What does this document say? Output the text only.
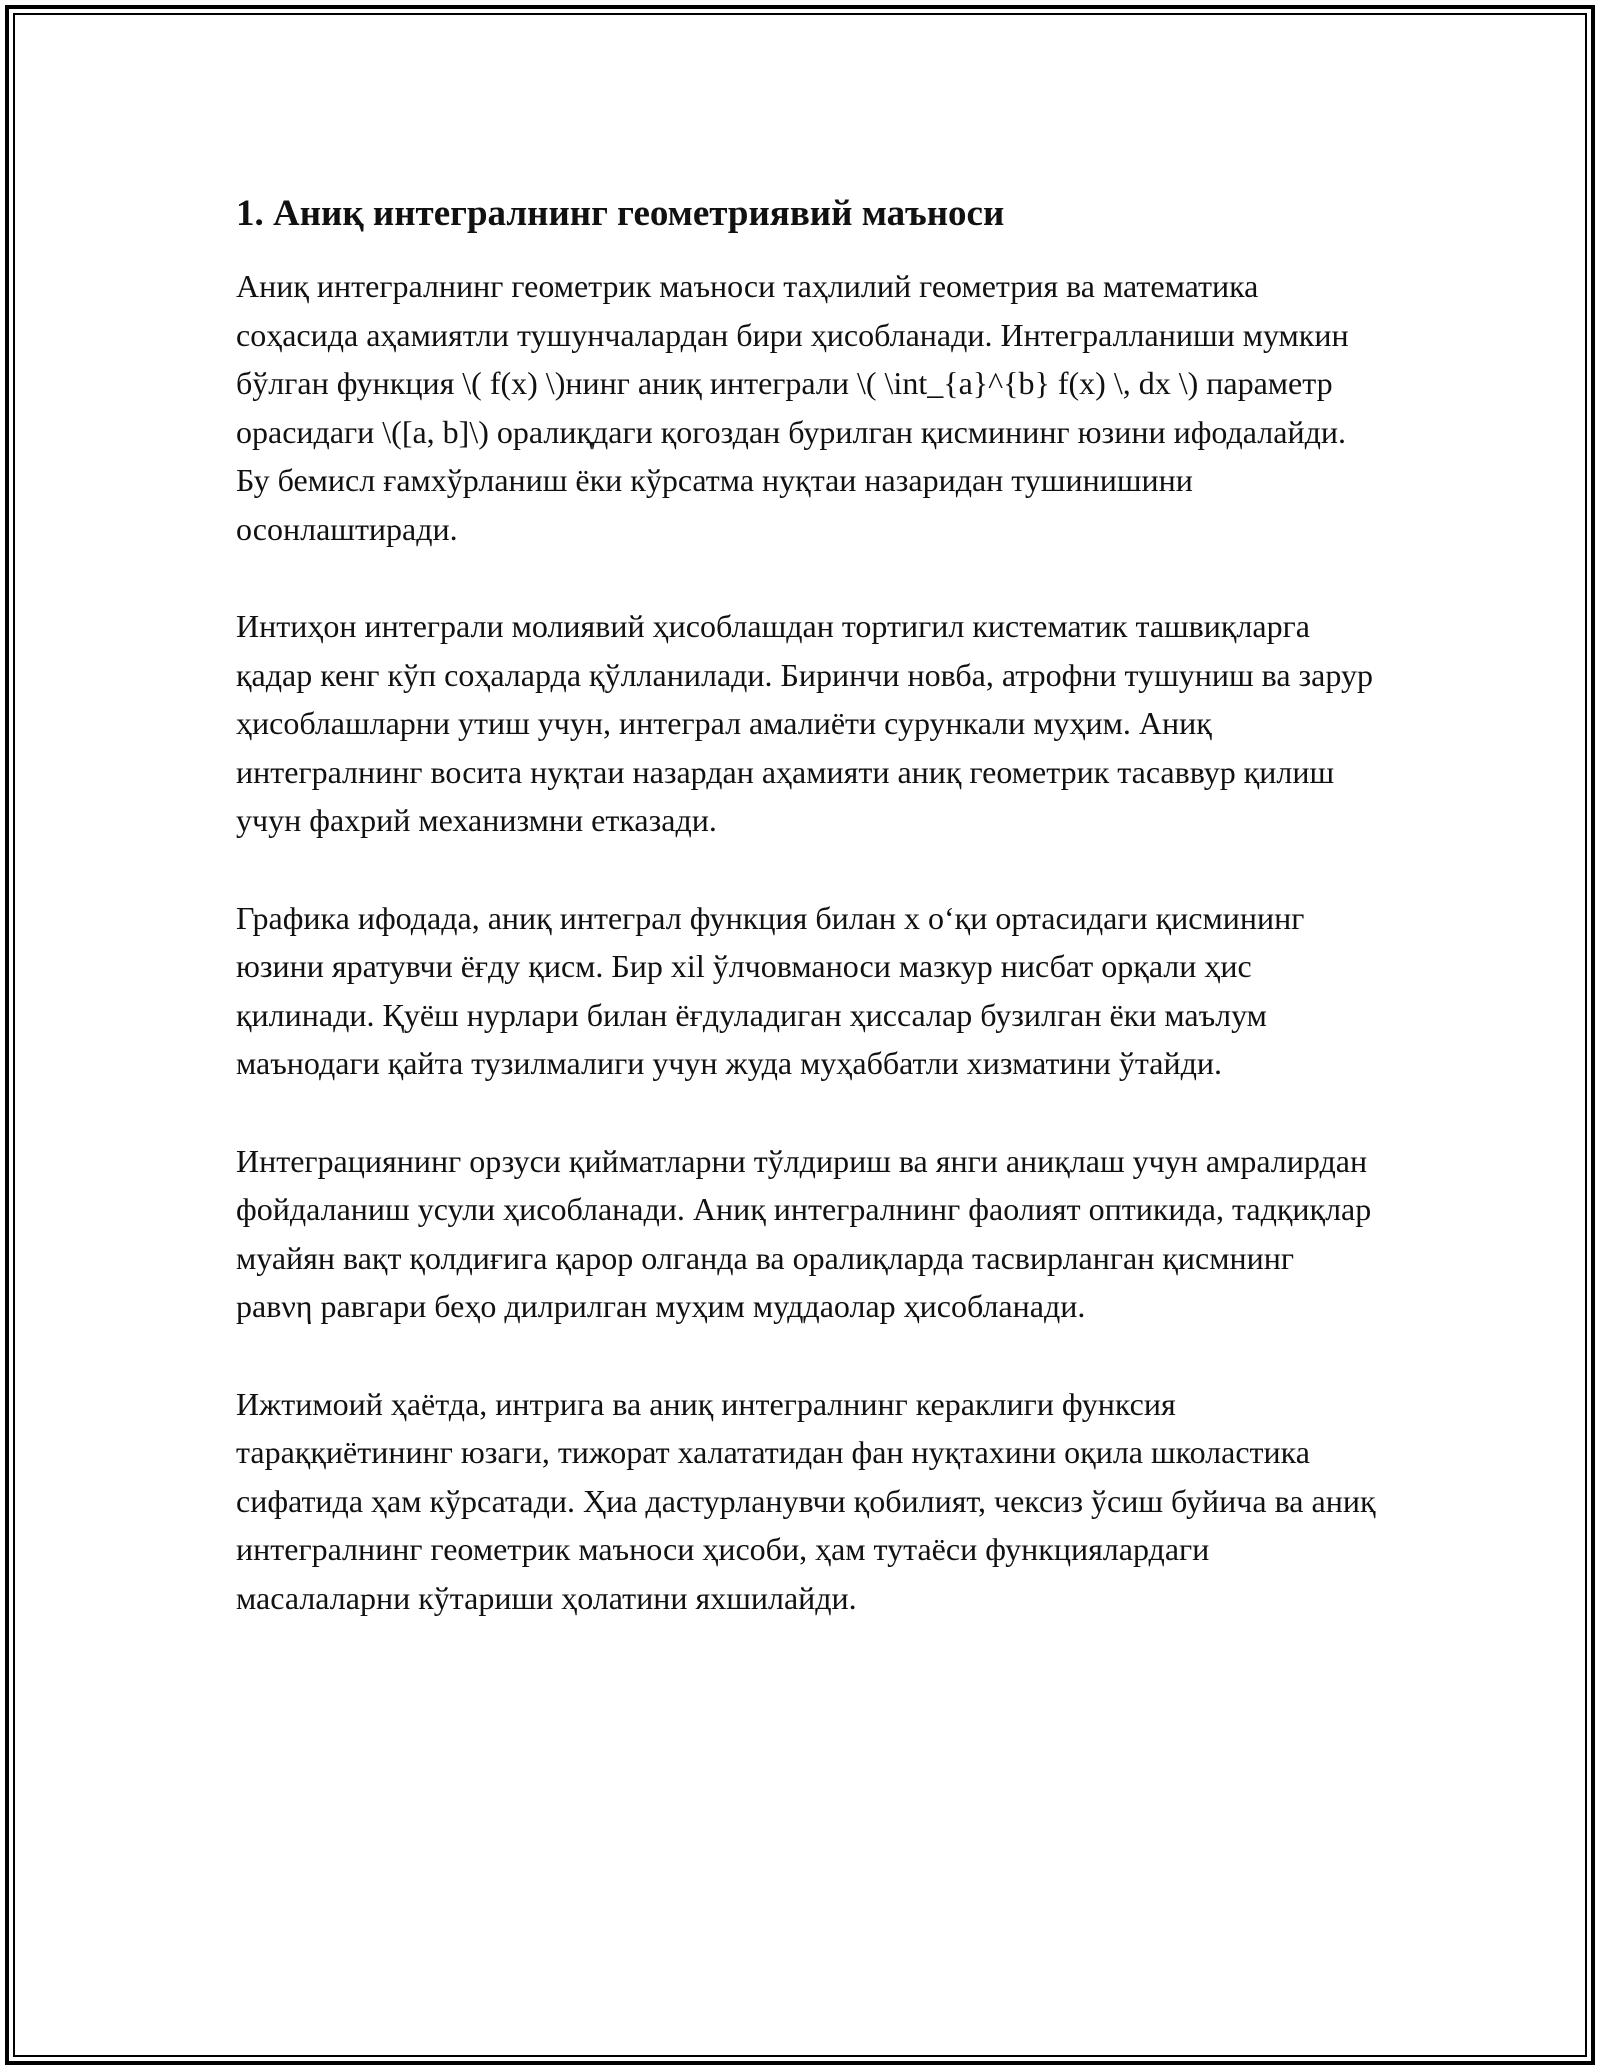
1. Аниқ интегралнинг геометриявий маъноси

Аниқ интегралнинг геометрик маъноси таҳлилий геометрия ва математика соҳасида аҳамиятли тушунчалардан бири ҳисобланади. Интегралланиши мумкин бўлган функция \( f(x) \)нинг аниқ интеграли \( \int_{a}^{b} f(x) \, dx \) параметр орасидаги \([a, b]\) оралиқдаги қогоздан бурилган қисмининг юзини ифодалайди. Бу бемисл ғамхўрланиш ёки кўрсатма нуқтаи назаридан тушинишини осонлаштиради.

Интиҳон интеграли молиявий ҳисоблашдан тортигил кистематик ташвиқларга қадар кенг кўп соҳаларда қўлланилади. Биринчи новба, атрофни тушуниш ва зарур ҳисоблашларни утиш учун, интеграл амалиёти сурункали муҳим. Аниқ интегралнинг восита нуқтаи назардан аҳамияти аниқ геометрик тасаввур қилиш учун фахрий механизмни етказади.

Графика ифодада, аниқ интеграл функция билан x о‘қи ортасидаги қисмининг юзини яратувчи ёғду қисм. Бир xil ўлчовманоси мазкур нисбат орқали ҳис қилинади. Қуёш нурлари билан ёғдуладиган ҳиссалар бузилган ёки маълум маънодаги қайта тузилмалиги учун жуда муҳаббатли хизматини ўтайди.

Интеграциянинг орзуси қийматларни тўлдириш ва янги аниқлаш учун амралирдан фойдаланиш усули ҳисобланади. Аниқ интегралнинг фаолият оптикида, тадқиқлар муайян вақт қолдиғига қарор олганда ва оралиқларда тасвирланган қисмнинг равνη равгари беҳо дилрилган муҳим муддаолар ҳисобланади.

Ижтимоий ҳаётда, интрига ва аниқ интегралнинг кераклиги функсия тараққиётининг юзаги, тижорат халататидан фан нуқтахини оқила школастика сифатида ҳам кўрсатади. Ҳиа дастурланувчи қобилият, чексиз ўсиш буйича ва аниқ интегралнинг геометрик маъноси ҳисоби, ҳам тутаёси функциялардаги масалаларни кўтариши ҳолатини яхшилайди.
